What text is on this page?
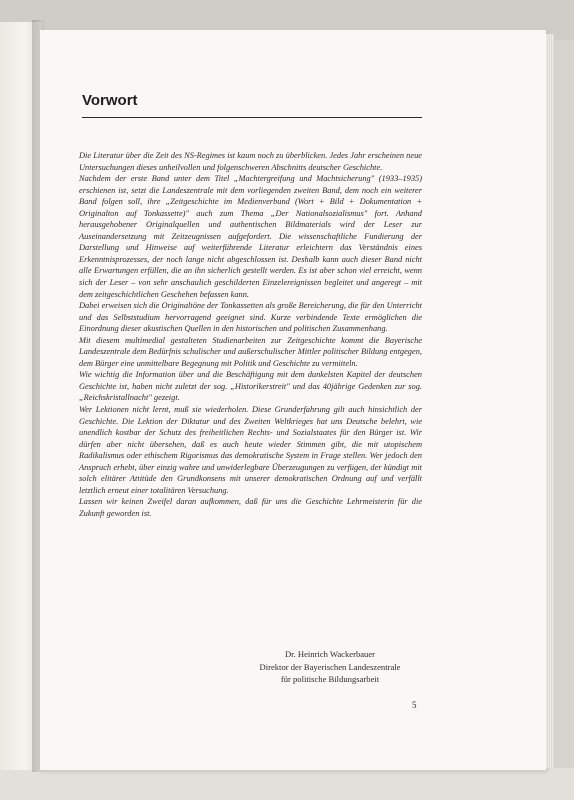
Vorwort

Die Literatur über die Zeit des NS-Regimes ist kaum noch zu überblicken. Jedes Jahr erscheinen neue Untersuchungen dieses unheilvollen und folgenschweren Abschnitts deutscher Geschichte.

Nachdem der erste Band unter dem Titel „Machtergreifung und Machtsicherung" (1933–1935) erschienen ist, setzt die Landeszentrale mit dem vorliegenden zweiten Band, dem noch ein weiterer Band folgen soll, ihre „Zeitgeschichte im Medienverbund (Wort + Bild + Dokumentation + Originalton auf Tonkassette)" auch zum Thema „Der Nationalsozialismus" fort. Anhand herausgehobener Originalquellen und authentischen Bildmaterials wird der Leser zur Auseinandersetzung mit Zeitzeugnissen aufgefordert. Die wissenschaftliche Fundierung der Darstellung und Hinweise auf weiterführende Literatur erleichtern das Verständnis eines Erkenntnisprozesses, der noch lange nicht abgeschlossen ist. Deshalb kann auch dieser Band nicht alle Erwartungen erfüllen, die an ihn sicherlich gestellt werden. Es ist aber schon viel erreicht, wenn sich der Leser – von sehr anschaulich geschilderten Einzelereignissen begleitet und angeregt – mit dem zeitgeschichtlichen Geschehen befassen kann.

Dabei erweisen sich die Originaltöne der Tonkassetten als große Bereicherung, die für den Unterricht und das Selbststudium hervorragend geeignet sind. Kurze verbindende Texte ermöglichen die Einordnung dieser akustischen Quellen in den historischen und politischen Zusammenhang.

Mit diesem multimedial gestalteten Studienarbeiten zur Zeitgeschichte kommt die Bayerische Landeszentrale dem Bedürfnis schulischer und außerschulischer Mittler politischer Bildung entgegen, dem Bürger eine unmittelbare Begegnung mit Politik und Geschichte zu vermitteln.

Wie wichtig die Information über und die Beschäftigung mit dem dunkelsten Kapitel der deutschen Geschichte ist, haben nicht zuletzt der sog. „Historikerstreit" und das 40jährige Gedenken zur sog. „Reichskristallnacht" gezeigt.

Wer Lektionen nicht lernt, muß sie wiederholen. Diese Grunderfahrung gilt auch hinsichtlich der Geschichte. Die Lektion der Diktatur und des Zweiten Weltkrieges hat uns Deutsche belehrt, wie unendlich kostbar der Schutz des freiheitlichen Rechts- und Sozialstaates für den Bürger ist. Wir dürfen aber nicht übersehen, daß es auch heute wieder Stimmen gibt, die mit utopischem Radikalismus oder ethischem Rigorismus das demokratische System in Frage stellen. Wer jedoch den Anspruch erhebt, über einzig wahre und unwiderlegbare Überzeugungen zu verfügen, der kündigt mit solch elitärer Attitüde den Grundkonsens mit unserer demokratischen Ordnung auf und verfällt letztlich erneut einer totalitären Versuchung.

Lassen wir keinen Zweifel daran aufkommen, daß für uns die Geschichte Lehrmeisterin für die Zukunft geworden ist.

Dr. Heinrich Wackerbauer
Direktor der Bayerischen Landeszentrale
für politische Bildungsarbeit
5
